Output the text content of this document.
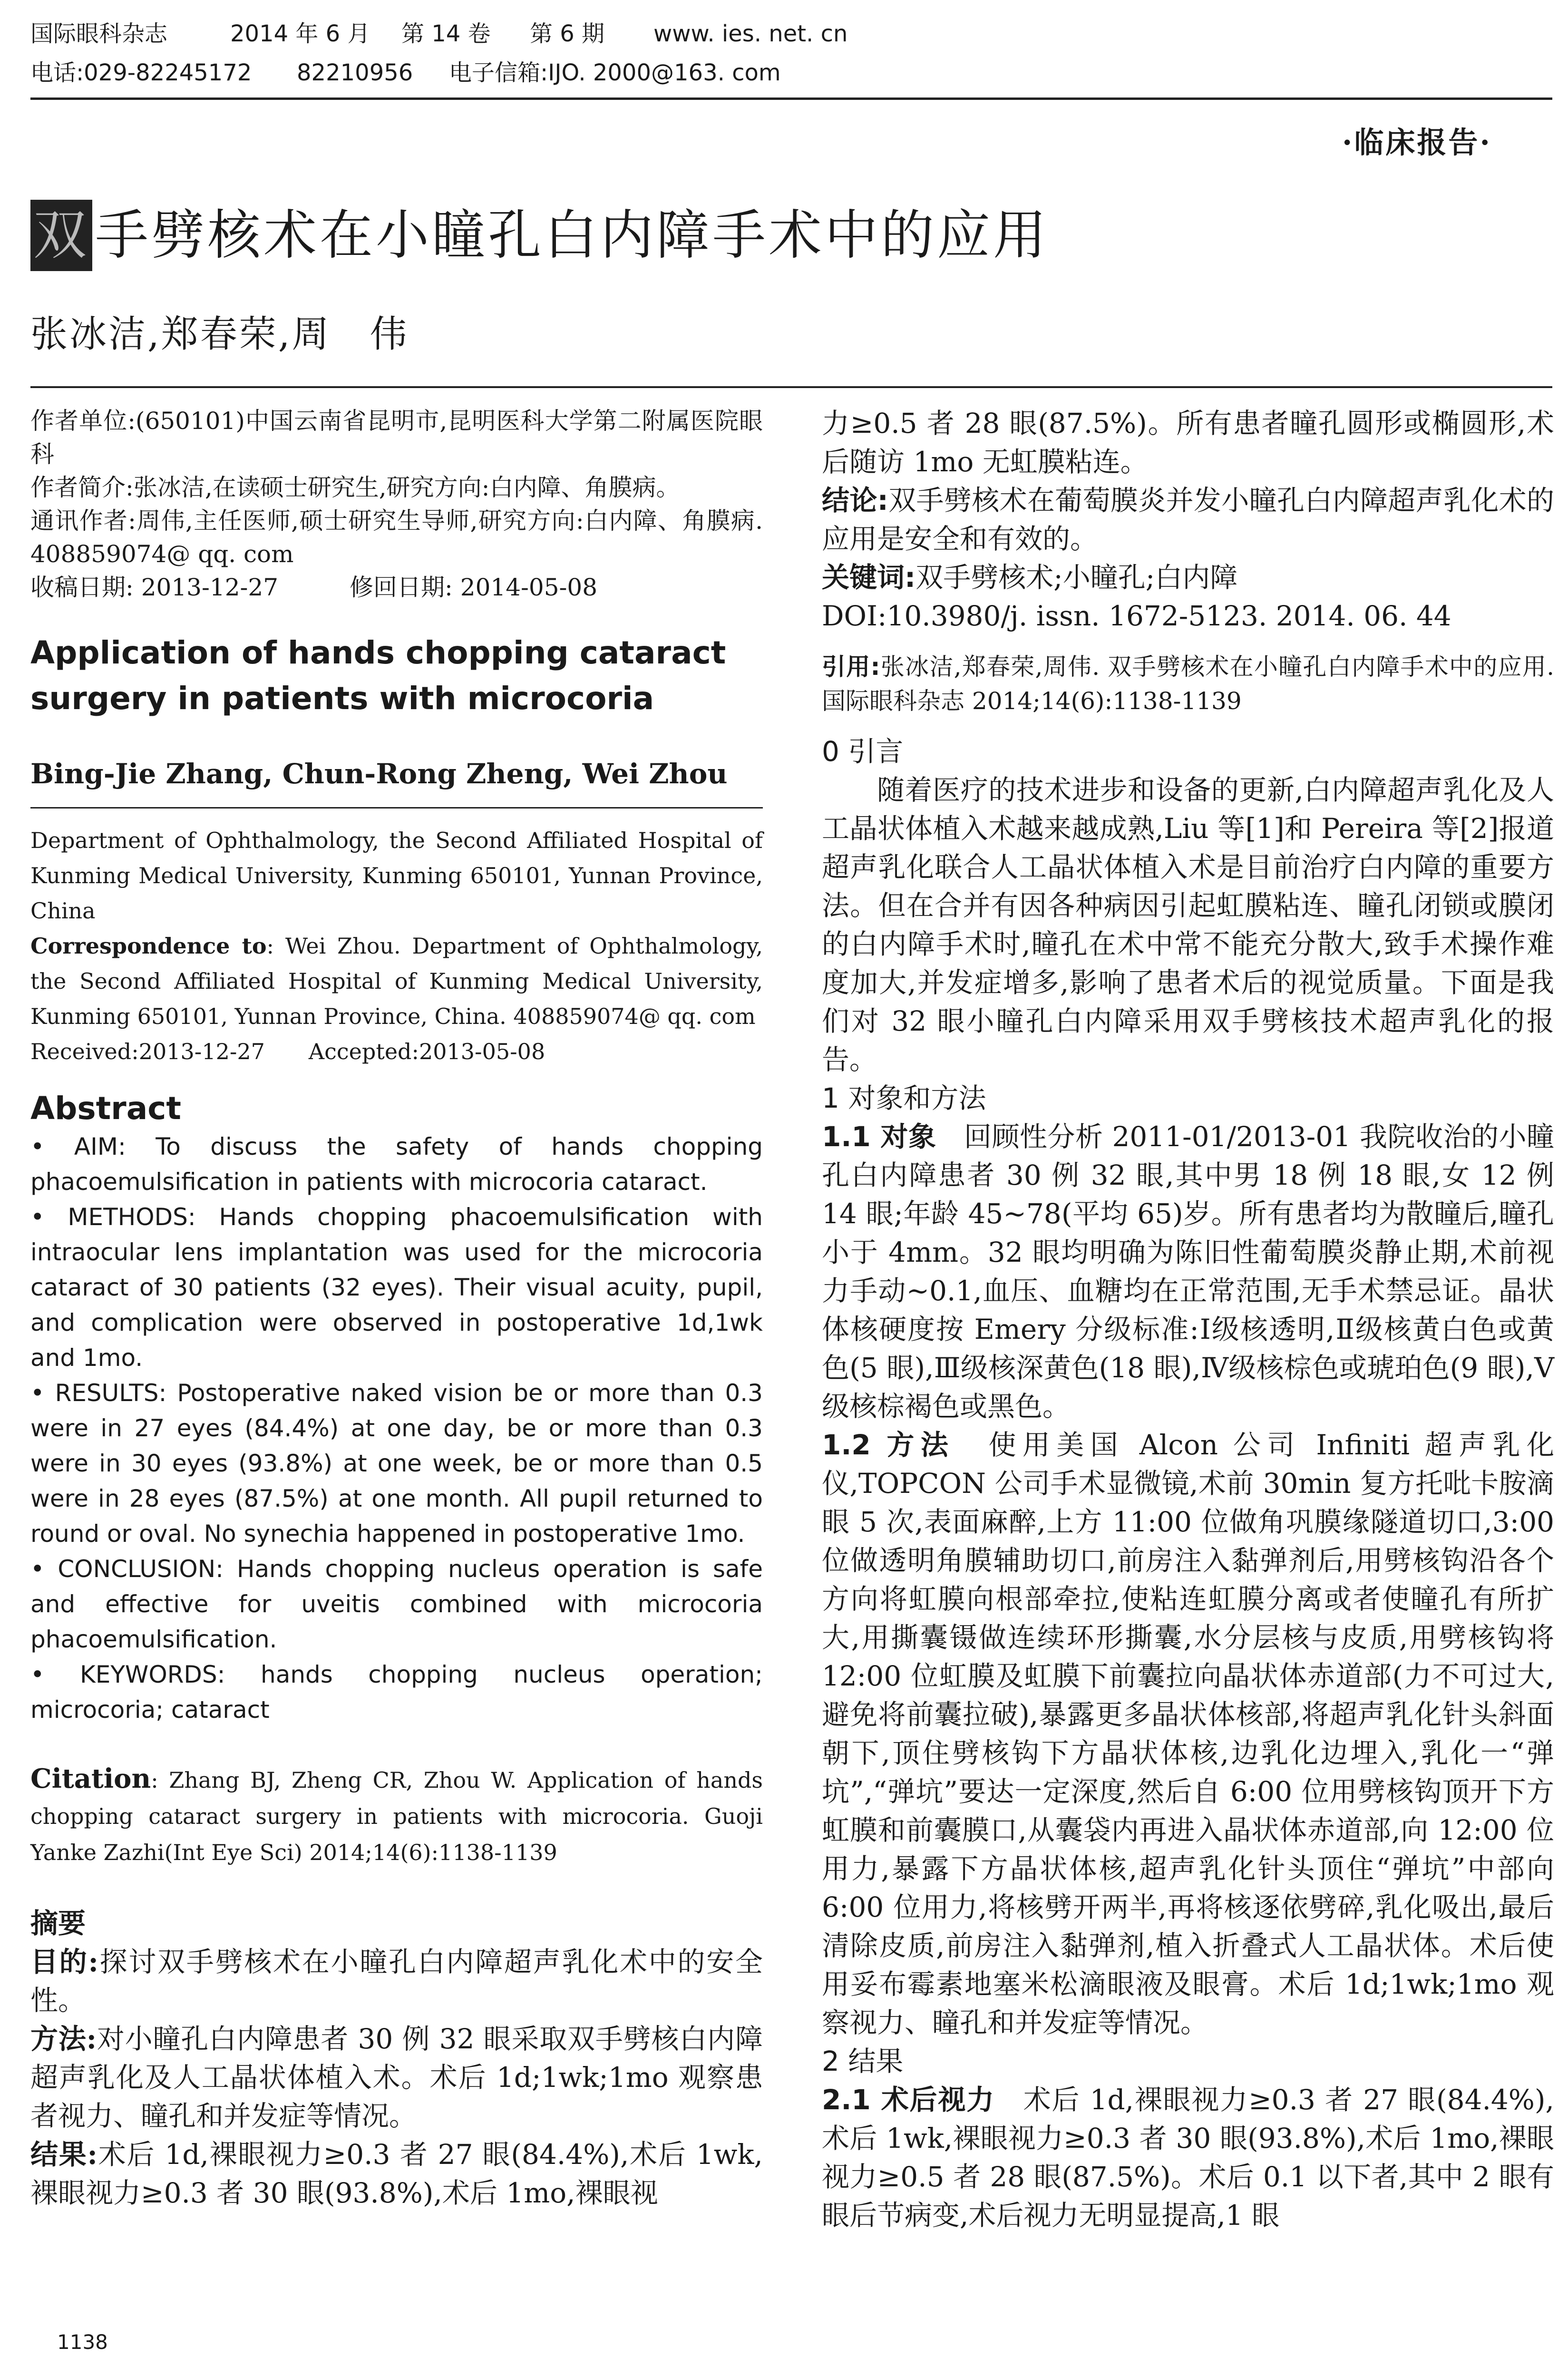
国际眼科杂志	2014 年 6 月	第 14 卷	第 6 期	www. ies. net. cn
电话:029-82245172	82210956	电子信箱:IJO. 2000@163. com
·临床报告·
双 手劈核术在小瞳孔白内障手术中的应用
张冰洁,郑春荣,周　伟
作者单位:(650101)中国云南省昆明市,昆明医科大学第二附属医院眼科
作者简介:张冰洁,在读硕士研究生,研究方向:白内障、角膜病。
通讯作者:周伟,主任医师,硕士研究生导师,研究方向:白内障、角膜病. 408859074@ qq. com
收稿日期: 2013-12-27　　　修回日期: 2014-05-08
Application of hands chopping cataract surgery in patients with microcoria
Bing-Jie Zhang, Chun-Rong Zheng, Wei Zhou
Department of Ophthalmology, the Second Affiliated Hospital of Kunming Medical University, Kunming 650101, Yunnan Province, China
Correspondence to: Wei Zhou. Department of Ophthalmology, the Second Affiliated Hospital of Kunming Medical University, Kunming 650101, Yunnan Province, China. 408859074@ qq. com
Received:2013-12-27　　Accepted:2013-05-08
Abstract

• AIM: To discuss the safety of hands chopping phacoemulsification in patients with microcoria cataract.

• METHODS: Hands chopping phacoemulsification with intraocular lens implantation was used for the microcoria cataract of 30 patients (32 eyes). Their visual acuity, pupil, and complication were observed in postoperative 1d,1wk and 1mo.

• RESULTS: Postoperative naked vision be or more than 0.3 were in 27 eyes (84.4%) at one day, be or more than 0.3 were in 30 eyes (93.8%) at one week, be or more than 0.5 were in 28 eyes (87.5%) at one month. All pupil returned to round or oval. No synechia happened in postoperative 1mo.

• CONCLUSION: Hands chopping nucleus operation is safe and effective for uveitis combined with microcoria phacoemulsification.

• KEYWORDS: hands chopping nucleus operation; microcoria; cataract

Citation: Zhang BJ, Zheng CR, Zhou W. Application of hands chopping cataract surgery in patients with microcoria. Guoji Yanke Zazhi(Int Eye Sci) 2014;14(6):1138-1139
摘要

目的:探讨双手劈核术在小瞳孔白内障超声乳化术中的安全性。

方法:对小瞳孔白内障患者 30 例 32 眼采取双手劈核白内障超声乳化及人工晶状体植入术。术后 1d;1wk;1mo 观察患者视力、瞳孔和并发症等情况。

结果:术后 1d,裸眼视力≥0.3 者 27 眼(84.4%),术后 1wk,裸眼视力≥0.3 者 30 眼(93.8%),术后 1mo,裸眼视

力≥0.5 者 28 眼(87.5%)。所有患者瞳孔圆形或椭圆形,术后随访 1mo 无虹膜粘连。

结论:双手劈核术在葡萄膜炎并发小瞳孔白内障超声乳化术的应用是安全和有效的。

关键词:双手劈核术;小瞳孔;白内障

DOI:10.3980/j. issn. 1672-5123. 2014. 06. 44

引用:张冰洁,郑春荣,周伟. 双手劈核术在小瞳孔白内障手术中的应用. 国际眼科杂志 2014;14(6):1138-1139

0 引言

随着医疗的技术进步和设备的更新,白内障超声乳化及人工晶状体植入术越来越成熟,Liu 等[1]和 Pereira 等[2]报道超声乳化联合人工晶状体植入术是目前治疗白内障的重要方法。但在合并有因各种病因引起虹膜粘连、瞳孔闭锁或膜闭的白内障手术时,瞳孔在术中常不能充分散大,致手术操作难度加大,并发症增多,影响了患者术后的视觉质量。下面是我们对 32 眼小瞳孔白内障采用双手劈核技术超声乳化的报告。

1 对象和方法

1.1 对象　回顾性分析 2011-01/2013-01 我院收治的小瞳孔白内障患者 30 例 32 眼,其中男 18 例 18 眼,女 12 例 14 眼;年龄 45~78(平均 65)岁。所有患者均为散瞳后,瞳孔小于 4mm。32 眼均明确为陈旧性葡萄膜炎静止期,术前视力手动~0.1,血压、血糖均在正常范围,无手术禁忌证。晶状体核硬度按 Emery 分级标准:Ⅰ级核透明,Ⅱ级核黄白色或黄色(5 眼),Ⅲ级核深黄色(18 眼),Ⅳ级核棕色或琥珀色(9 眼),Ⅴ级核棕褐色或黑色。

1.2 方法　使用美国 Alcon 公司 Infiniti 超声乳化仪,TOPCON 公司手术显微镜,术前 30min 复方托吡卡胺滴眼 5 次,表面麻醉,上方 11:00 位做角巩膜缘隧道切口,3:00 位做透明角膜辅助切口,前房注入黏弹剂后,用劈核钩沿各个方向将虹膜向根部牵拉,使粘连虹膜分离或者使瞳孔有所扩大,用撕囊镊做连续环形撕囊,水分层核与皮质,用劈核钩将 12:00 位虹膜及虹膜下前囊拉向晶状体赤道部(力不可过大,避免将前囊拉破),暴露更多晶状体核部,将超声乳化针头斜面朝下,顶住劈核钩下方晶状体核,边乳化边埋入,乳化一“弹坑”,“弹坑”要达一定深度,然后自 6:00 位用劈核钩顶开下方虹膜和前囊膜口,从囊袋内再进入晶状体赤道部,向 12:00 位用力,暴露下方晶状体核,超声乳化针头顶住“弹坑”中部向 6:00 位用力,将核劈开两半,再将核逐依劈碎,乳化吸出,最后清除皮质,前房注入黏弹剂,植入折叠式人工晶状体。术后使用妥布霉素地塞米松滴眼液及眼膏。术后 1d;1wk;1mo 观察视力、瞳孔和并发症等情况。

2 结果

2.1 术后视力　术后 1d,裸眼视力≥0.3 者 27 眼(84.4%),术后 1wk,裸眼视力≥0.3 者 30 眼(93.8%),术后 1mo,裸眼视力≥0.5 者 28 眼(87.5%)。术后 0.1 以下者,其中 2 眼有眼后节病变,术后视力无明显提高,1 眼

1138
